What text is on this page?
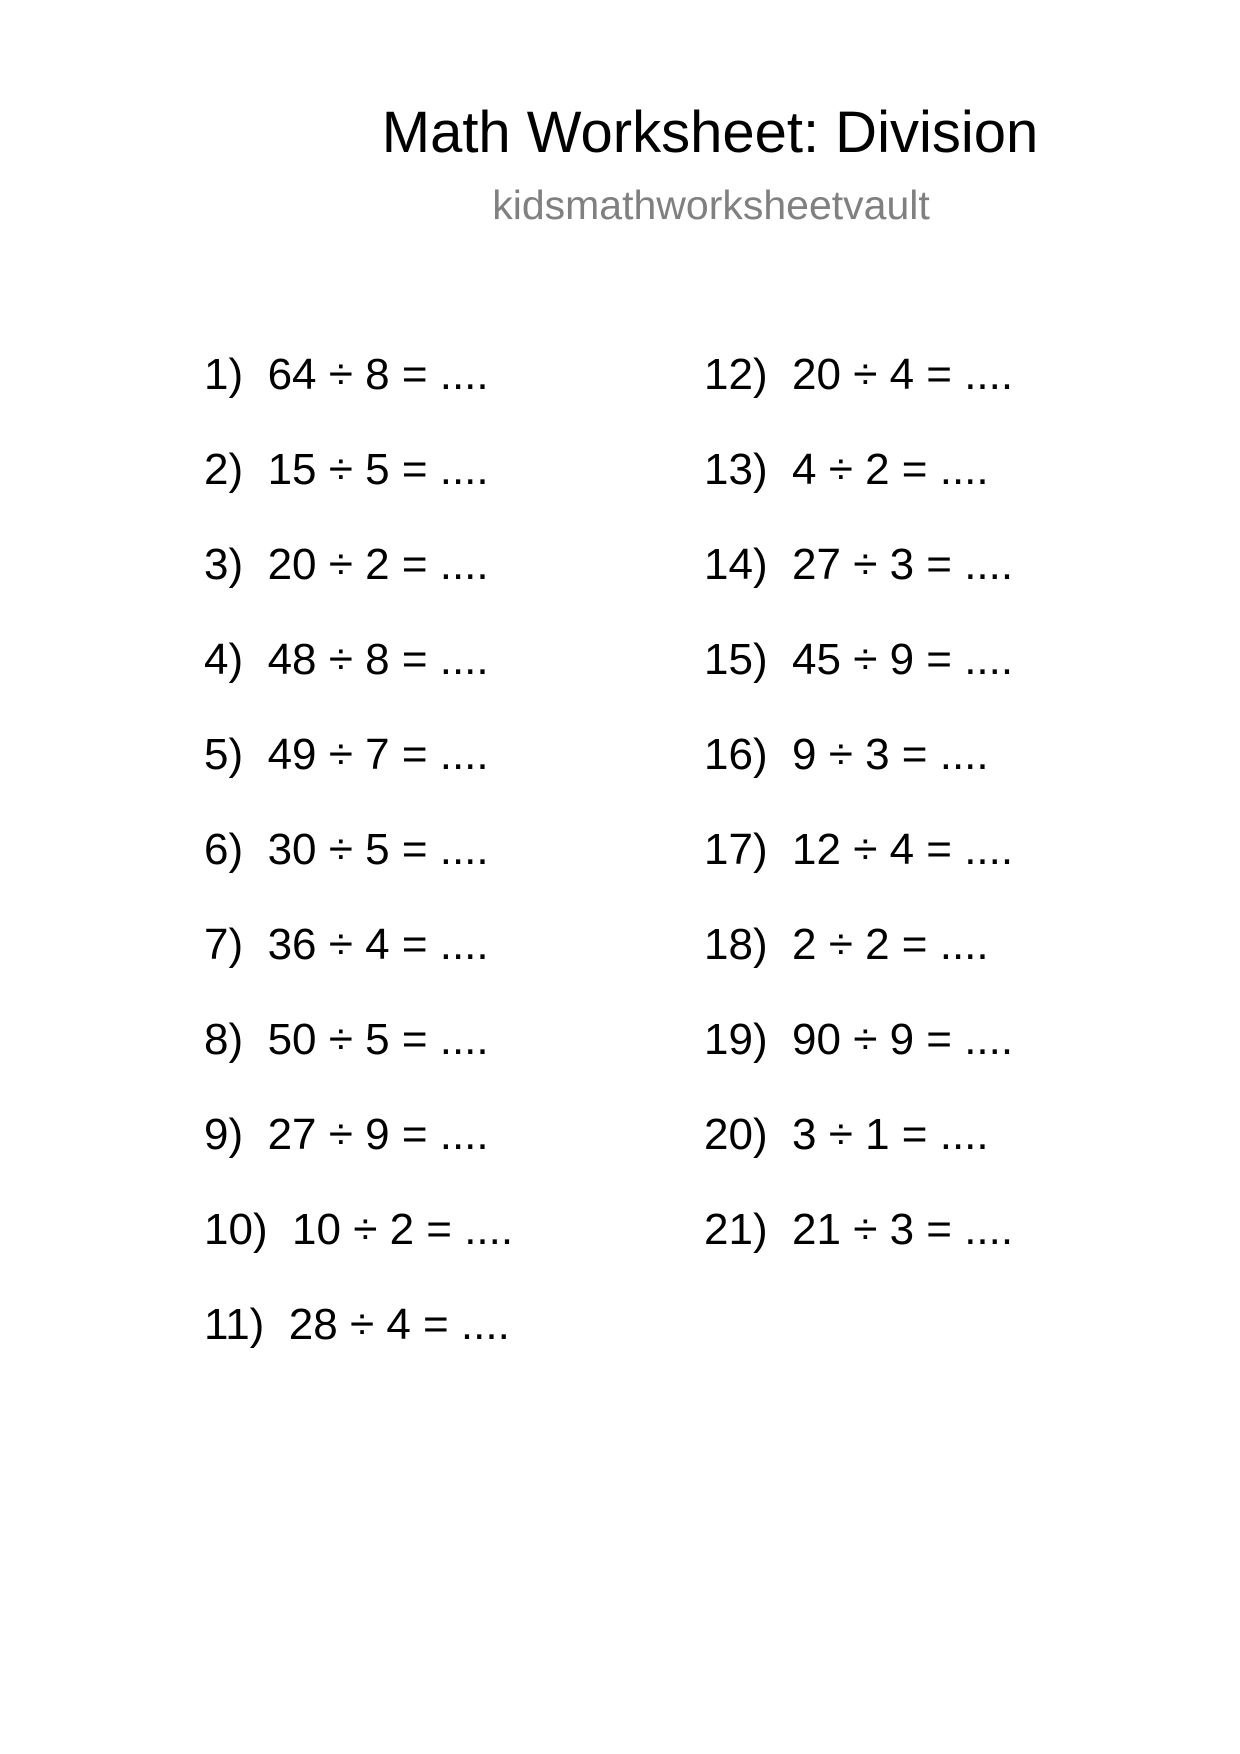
Math Worksheet: Division
kidsmathworksheetvault
1) 64 ÷ 8 = ....
2) 15 ÷ 5 = ....
3) 20 ÷ 2 = ....
4) 48 ÷ 8 = ....
5) 49 ÷ 7 = ....
6) 30 ÷ 5 = ....
7) 36 ÷ 4 = ....
8) 50 ÷ 5 = ....
9) 27 ÷ 9 = ....
10) 10 ÷ 2 = ....
11) 28 ÷ 4 = ....
12) 20 ÷ 4 = ....
13) 4 ÷ 2 = ....
14) 27 ÷ 3 = ....
15) 45 ÷ 9 = ....
16) 9 ÷ 3 = ....
17) 12 ÷ 4 = ....
18) 2 ÷ 2 = ....
19) 90 ÷ 9 = ....
20) 3 ÷ 1 = ....
21) 21 ÷ 3 = ....
